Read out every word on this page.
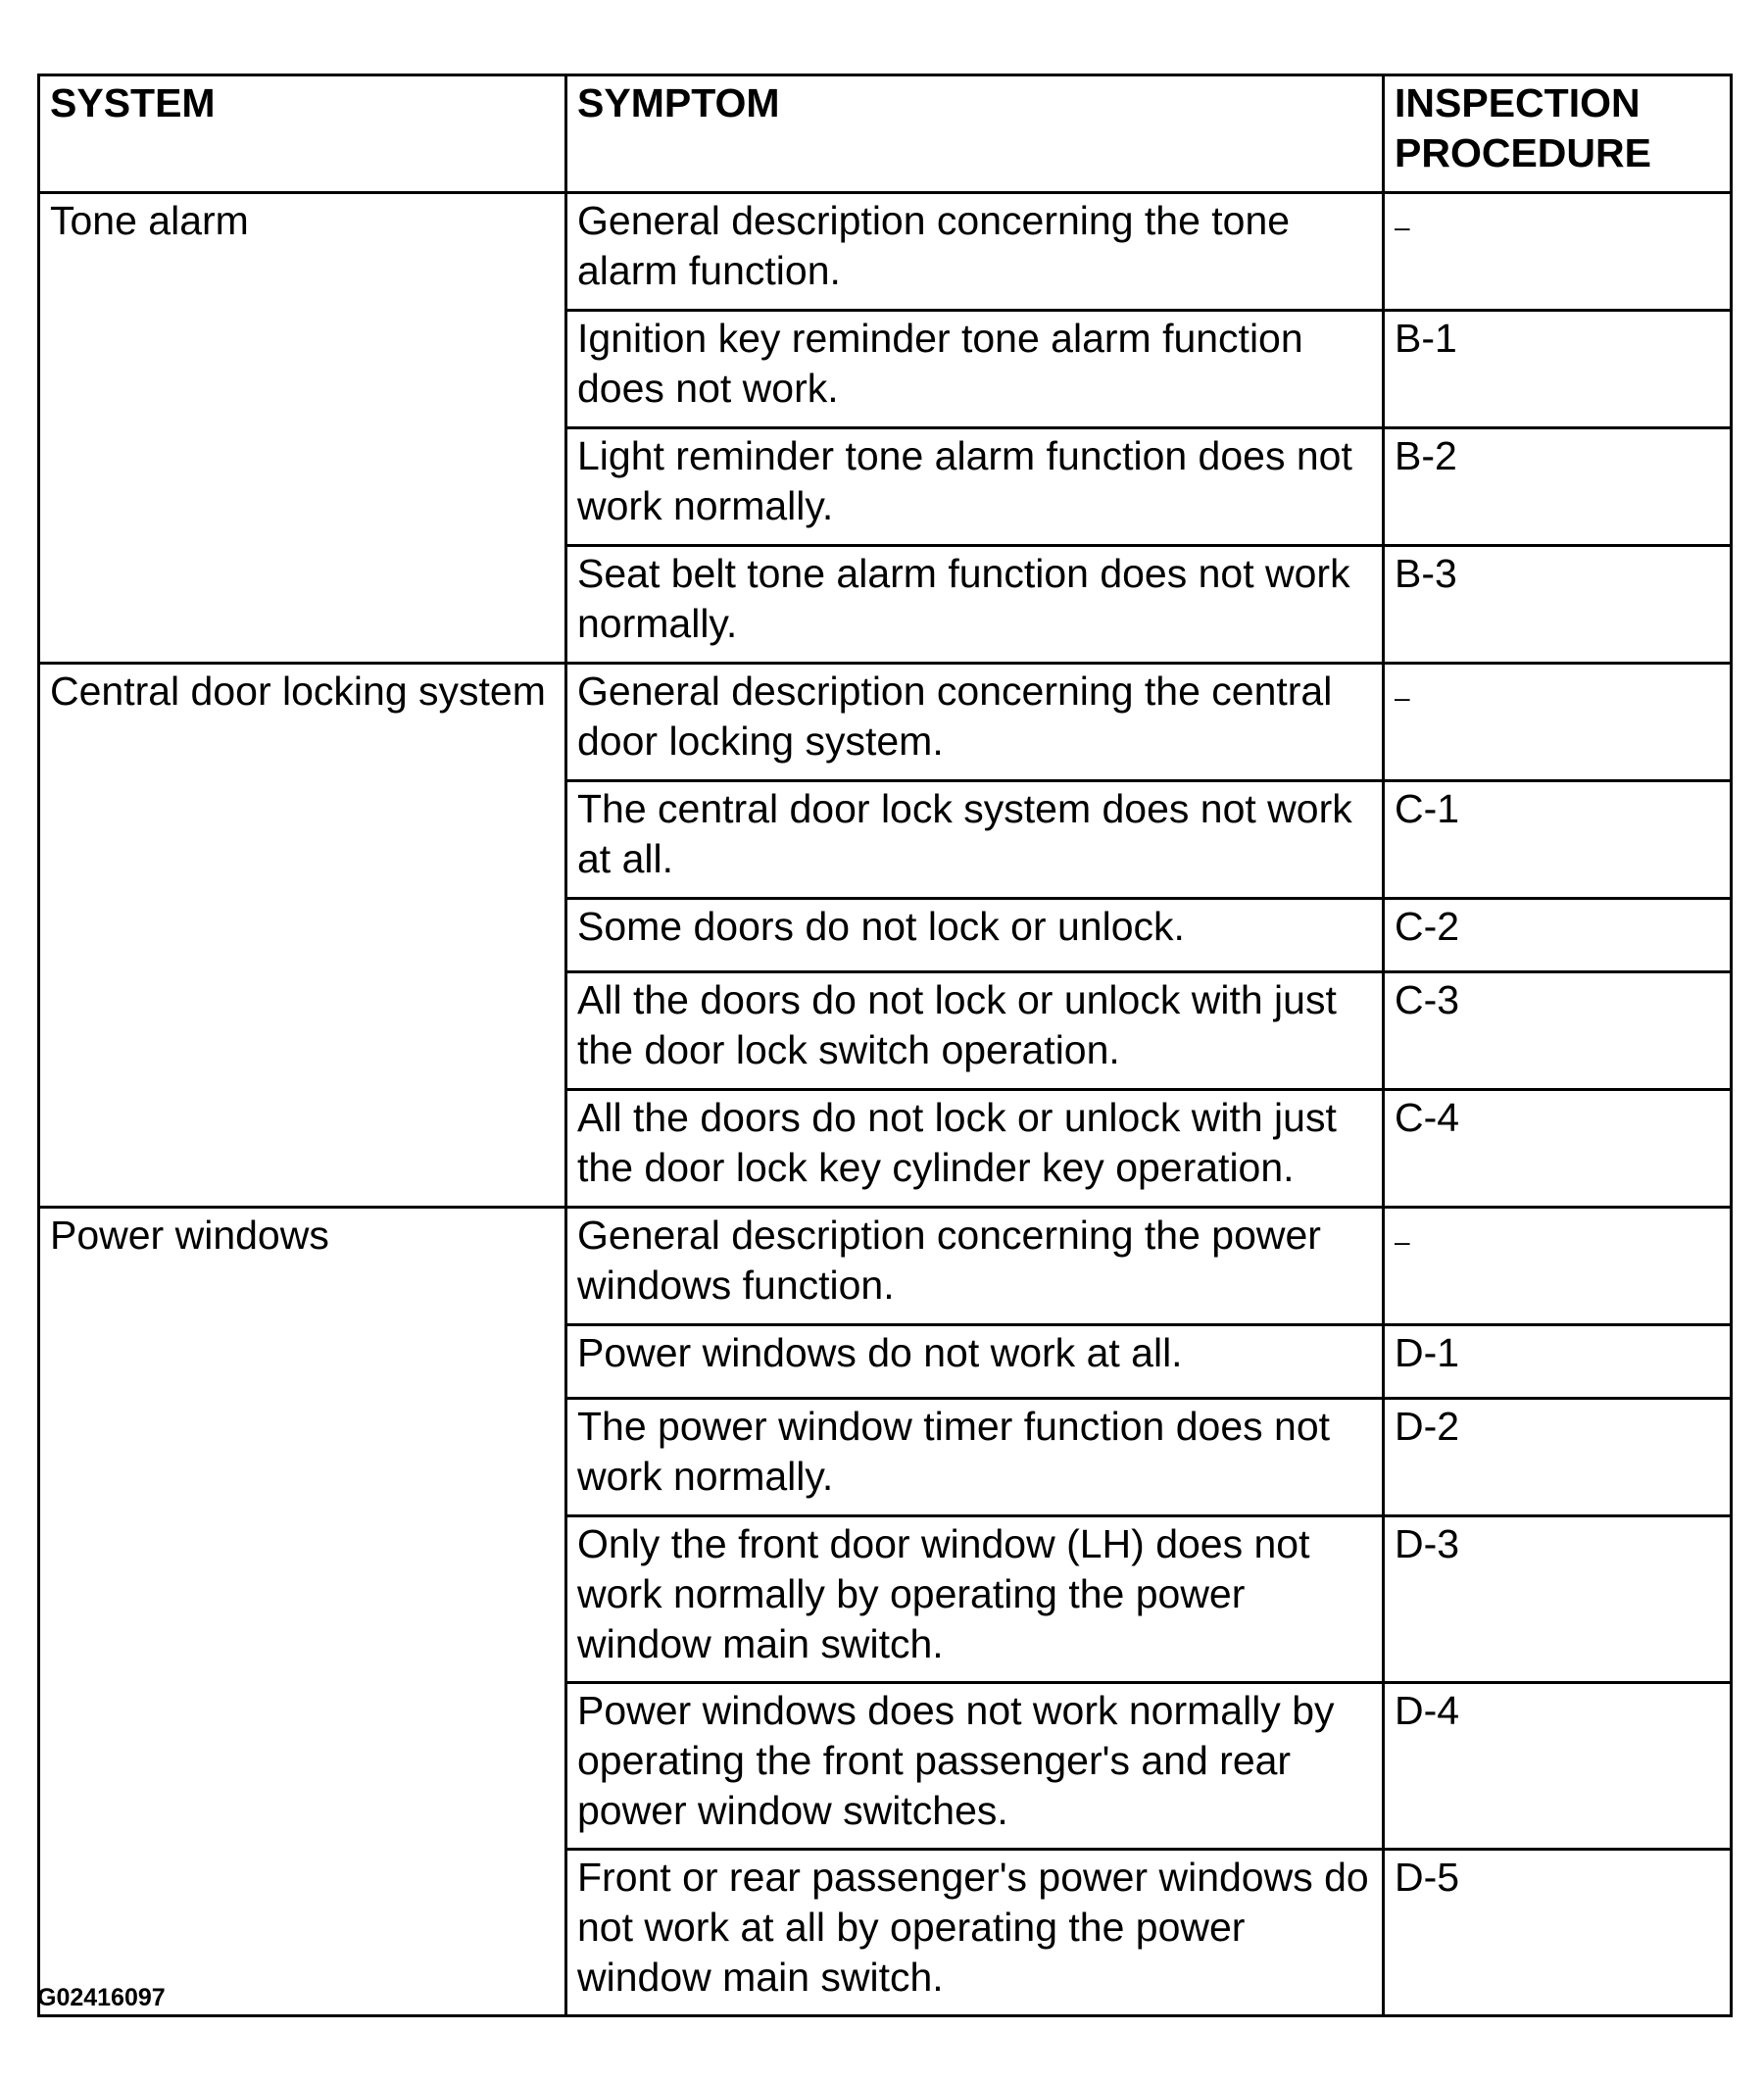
SYSTEM	SYMPTOM	INSPECTION
PROCEDURE
Tone alarm	General description concerning the tone alarm function.	–
	Ignition key reminder tone alarm function does not work.	B-1
	Light reminder tone alarm function does not work normally.	B-2
	Seat belt tone alarm function does not work normally.	B-3
Central door locking system	General description concerning the central door locking system.	–
	The central door lock system does not work at all.	C-1
	Some doors do not lock or unlock.	C-2
	All the doors do not lock or unlock with just the door lock switch operation.	C-3
	All the doors do not lock or unlock with just the door lock key cylinder key operation.	C-4
Power windows	General description concerning the power windows function.	–
	Power windows do not work at all.	D-1
	The power window timer function does not work normally.	D-2
	Only the front door window (LH) does not work normally by operating the power window main switch.	D-3
	Power windows does not work normally by operating the front passenger's and rear power window switches.	D-4
	Front or rear passenger's power windows do not work at all by operating the power window main switch.	D-5
G02416097
